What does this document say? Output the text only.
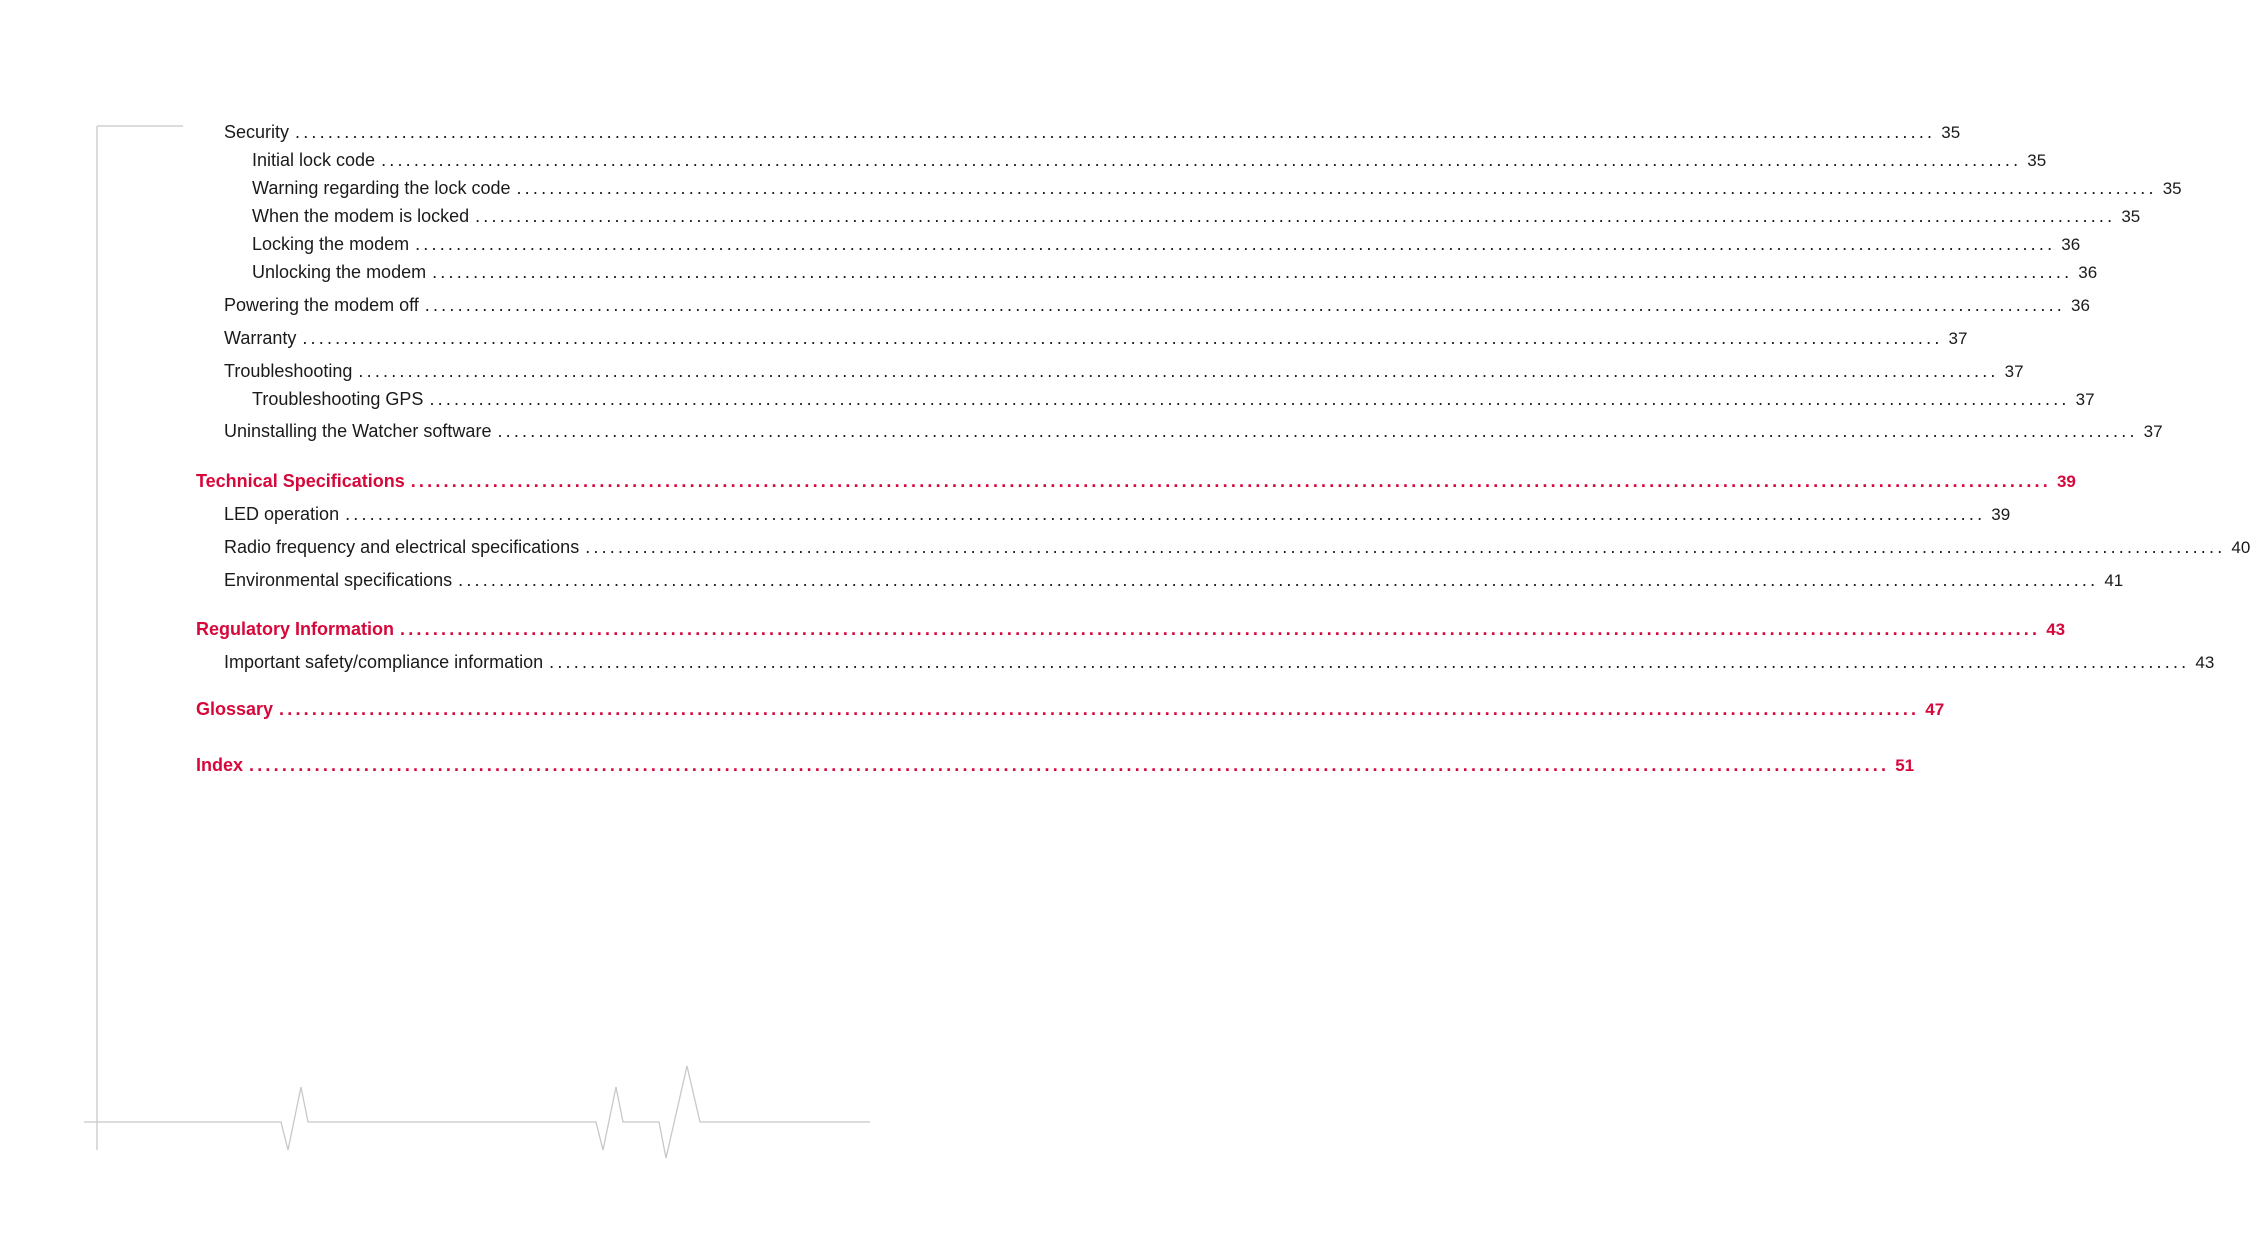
Security ........................................................................................................................................................................................................ 35
Initial lock code ........................................................................................................................................................................................................ 35
Warning regarding the lock code ........................................................................................................................................................................................................ 35
When the modem is locked ........................................................................................................................................................................................................ 35
Locking the modem ........................................................................................................................................................................................................ 36
Unlocking the modem ........................................................................................................................................................................................................ 36
Powering the modem off ........................................................................................................................................................................................................ 36
Warranty ........................................................................................................................................................................................................ 37
Troubleshooting ........................................................................................................................................................................................................ 37
Troubleshooting GPS ........................................................................................................................................................................................................ 37
Uninstalling the Watcher software ........................................................................................................................................................................................................ 37
Technical Specifications ........................................................................................................................................................................................................ 39
LED operation ........................................................................................................................................................................................................ 39
Radio frequency and electrical specifications ........................................................................................................................................................................................................ 40
Environmental specifications ........................................................................................................................................................................................................ 41
Regulatory Information ........................................................................................................................................................................................................ 43
Important safety/compliance information ........................................................................................................................................................................................................ 43
Glossary ........................................................................................................................................................................................................ 47
Index ........................................................................................................................................................................................................ 51
